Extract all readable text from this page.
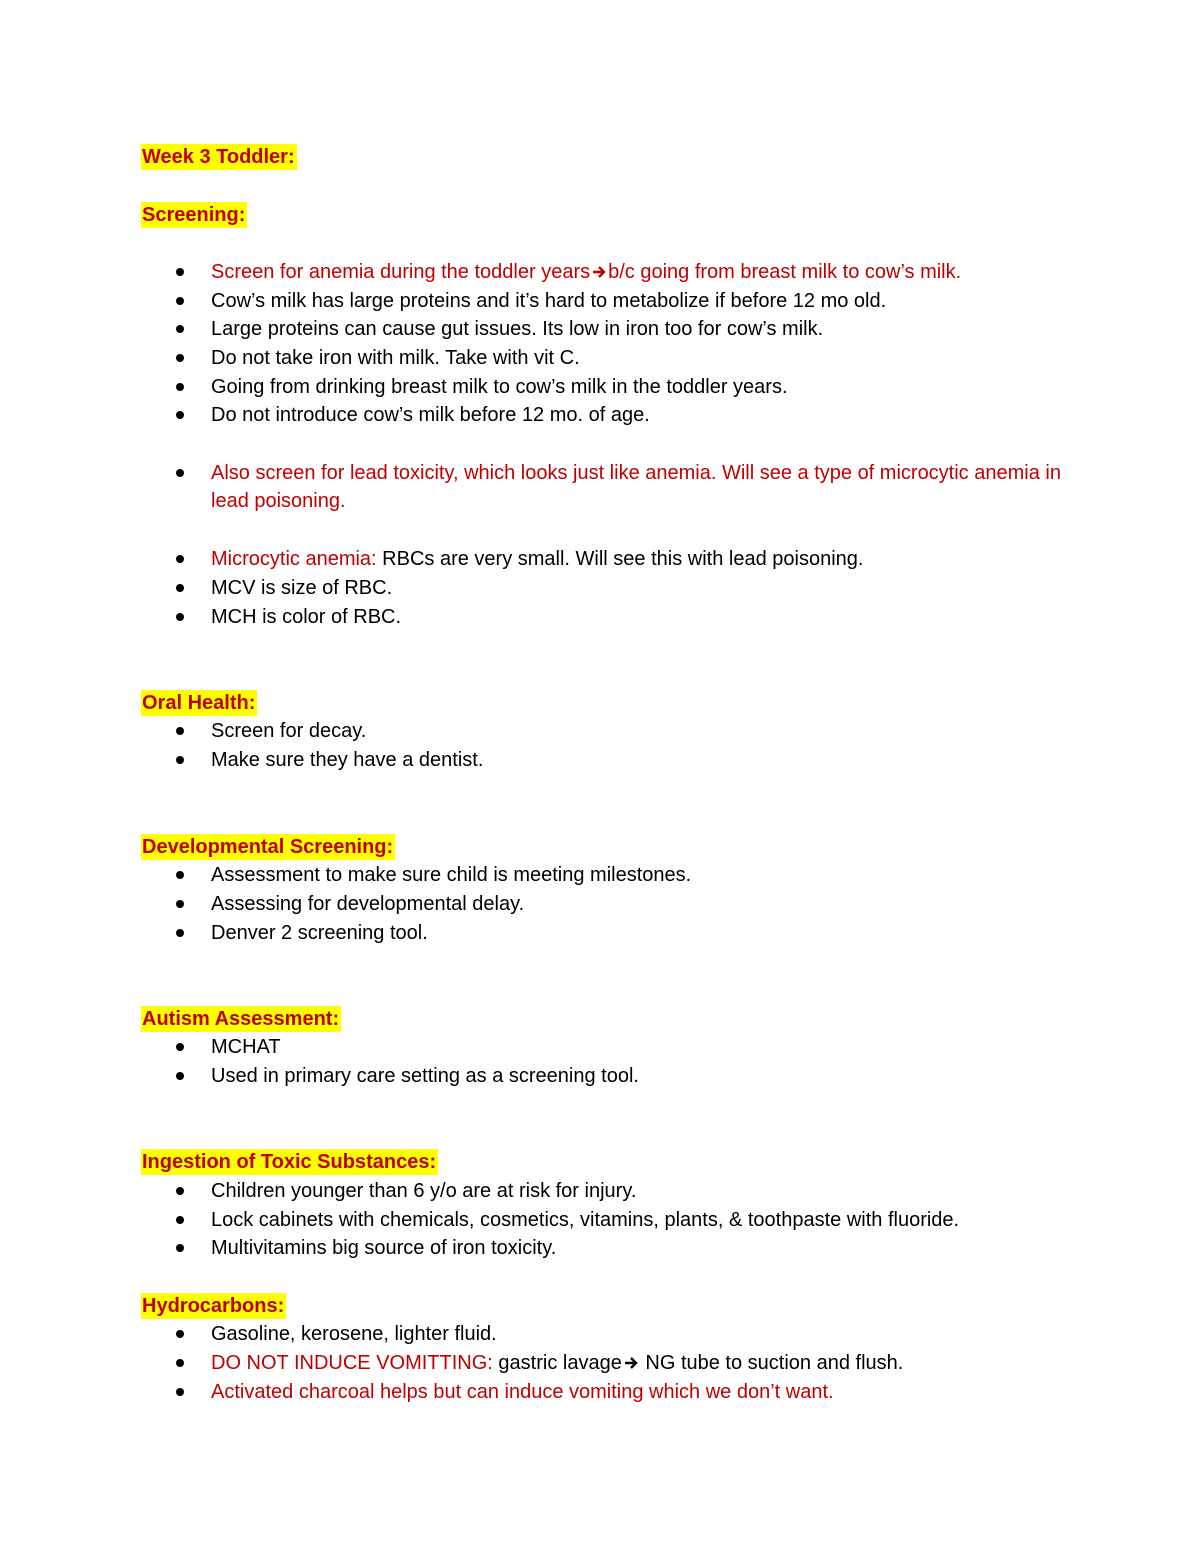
Week 3 Toddler:
Screening:
Screen for anemia during the toddler years b/c going from breast milk to cow’s milk.
Cow’s milk has large proteins and it’s hard to metabolize if before 12 mo old.
Large proteins can cause gut issues. Its low in iron too for cow’s milk.
Do not take iron with milk. Take with vit C.
Going from drinking breast milk to cow’s milk in the toddler years.
Do not introduce cow’s milk before 12 mo. of age.
Also screen for lead toxicity, which looks just like anemia. Will see a type of microcytic anemia in lead poisoning.
Microcytic anemia: RBCs are very small. Will see this with lead poisoning.
MCV is size of RBC.
MCH is color of RBC.
Oral Health:
Screen for decay.
Make sure they have a dentist.
Developmental Screening:
Assessment to make sure child is meeting milestones.
Assessing for developmental delay.
Denver 2 screening tool.
Autism Assessment:
MCHAT
Used in primary care setting as a screening tool.
Ingestion of Toxic Substances:
Children younger than 6 y/o are at risk for injury.
Lock cabinets with chemicals, cosmetics, vitamins, plants, & toothpaste with fluoride.
Multivitamins big source of iron toxicity.
Hydrocarbons:
Gasoline, kerosene, lighter fluid.
DO NOT INDUCE VOMITTING: gastric lavage NG tube to suction and flush.
Activated charcoal helps but can induce vomiting which we don’t want.
